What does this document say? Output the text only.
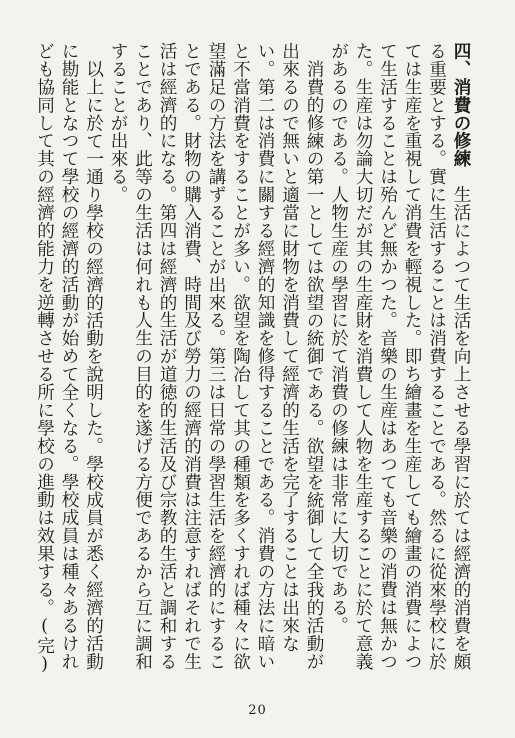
四、消費の修練生活によつて生活を向上させる學習に於ては經濟的消費を頗る重要とする。實に生活することは消費することである。然るに從來學校に於ては生産を重視して消費を輕視した。即ち繪畫を生産しても繪畫の消費によつて生活することは殆んど無かつた。音樂の生産はあつても音樂の消費は無かつた。生産は勿論大切だが其の生産財を消費して人物を生産することに於て意義があるのである。人物生産の學習に於て消費の修練は非常に大切である。

消費的修練の第一としては欲望の統御である。欲望を統御して全我的活動が出來るので無いと適當に財物を消費して經濟的生活を完了することは出來ない。第二は消費に關する經濟的知識を修得することである。消費の方法に暗いと不當消費をすることが多い。欲望を陶冶して其の種類を多くすれば種々に欲望滿足の方法を講ずることが出來る。第三は日常の學習生活を經濟的にすることである。財物の購入消費、時間及び勞力の經濟的消費は注意すればそれで生活は經濟的になる。第四は經濟的生活が道徳的生活及び宗教的生活と調和することであり、此等の生活は何れも人生の目的を遂げる方便であるから互に調和することが出來る。

以上に於て一通り學校の經濟的活動を說明した。學校成員が悉く經濟的活動に勘能となつて學校の經濟的活動が始めて全くなる。學校成員は種々あるけれども協同して其の經濟的能力を逆轉させる所に學校の進動は效果する。(完)

20
